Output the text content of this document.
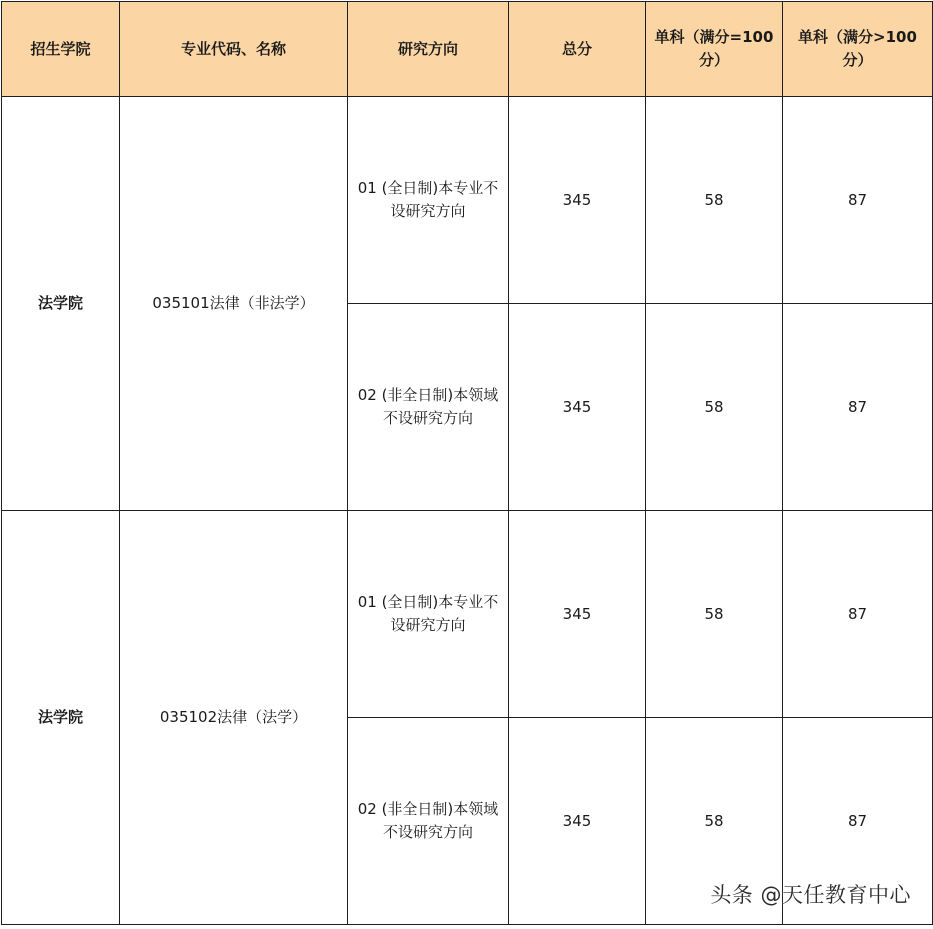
招生学院	专业代码、名称	研究方向	总分	单科（满分=100分）	单科（满分>100分）
法学院	035101法律（非法学）	01 (全日制)本专业不设研究方向	345	58	87
		02 (非全日制)本领域不设研究方向	345	58	87
法学院	035102法律（法学）	01 (全日制)本专业不设研究方向	345	58	87
		02 (非全日制)本领域不设研究方向	345	58	87
头条 @天任教育中心
